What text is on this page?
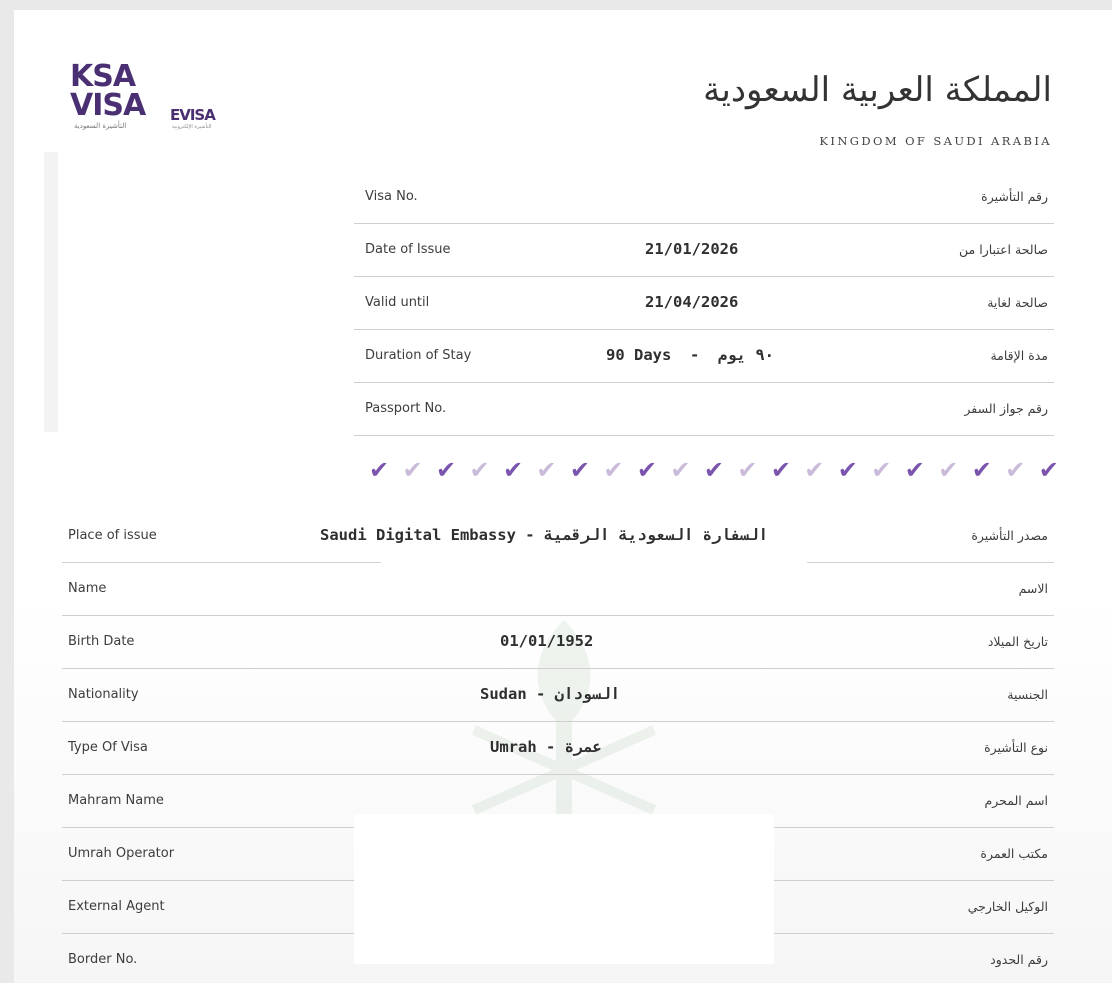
KSA
VISA
التأشيرة السعودية
EVISA
التأشيرة الإلكترونية
المملكة العربية السعودية
KINGDOM OF SAUDI ARABIA
Visa No.	رقم التأشيرة
Date of Issue	21/01/2026	صالحة اعتبارا من
Valid until	21/04/2026	صالحة لغاية
Duration of Stay	90 Days  -  ٩٠ يوم	مدة الإقامة
Passport No.	رقم جواز السفر
✔ ✔ ✔ ✔ ✔ ✔ ✔ ✔ ✔ ✔ ✔ ✔ ✔ ✔ ✔ ✔ ✔ ✔ ✔ ✔ ✔
Place of issue	Saudi Digital Embassy - السفارة السعودية الرقمية	مصدر التأشيرة
Name	الاسم
Birth Date	01/01/1952	تاريخ الميلاد
Nationality	Sudan - السودان	الجنسية
Type Of Visa	Umrah - عمرة	نوع التأشيرة
Mahram Name	اسم المحرم
Umrah Operator	مكتب العمرة
External Agent	الوكيل الخارجي
Border No.	رقم الحدود
